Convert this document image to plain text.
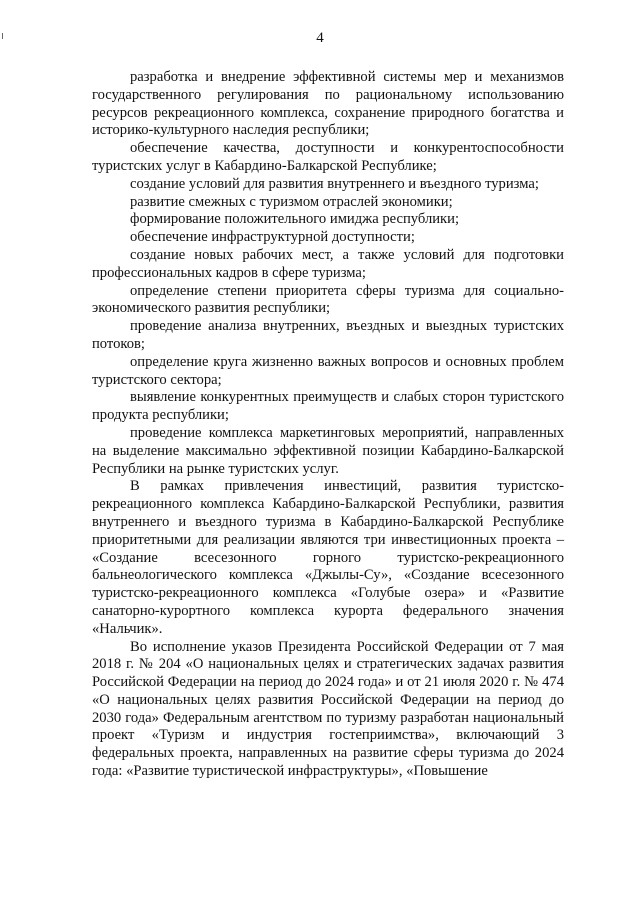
4

разработка и внедрение эффективной системы мер и механизмов государственного регулирования по рациональному использованию ресурсов рекреационного комплекса, сохранение природного богатства и историко-культурного наследия республики;

обеспечение качества, доступности и конкурентоспособности туристских услуг в Кабардино-Балкарской Республике;

создание условий для развития внутреннего и въездного туризма;

развитие смежных с туризмом отраслей экономики;

формирование положительного имиджа республики;

обеспечение инфраструктурной доступности;

создание новых рабочих мест, а также условий для подготовки профессиональных кадров в сфере туризма;

определение степени приоритета сферы туризма для социально-экономического развития республики;

проведение анализа внутренних, въездных и выездных туристских потоков;

определение круга жизненно важных вопросов и основных проблем туристского сектора;

выявление конкурентных преимуществ и слабых сторон туристского продукта республики;

проведение комплекса маркетинговых мероприятий, направленных на выделение максимально эффективной позиции Кабардино-Балкарской Республики на рынке туристских услуг.

В рамках привлечения инвестиций, развития туристско-рекреационного комплекса Кабардино-Балкарской Республики, развития внутреннего и въездного туризма в Кабардино-Балкарской Республике приоритетными для реализации являются три инвестиционных проекта – «Создание всесезонного горного туристско-рекреационного бальнеологического комплекса «Джылы-Су», «Создание всесезонного туристско-рекреационного комплекса «Голубые озера» и «Развитие санаторно-курортного комплекса курорта федерального значения «Нальчик».

Во исполнение указов Президента Российской Федерации от 7 мая 2018 г. № 204 «О национальных целях и стратегических задачах развития Российской Федерации на период до 2024 года» и от 21 июля 2020 г. № 474 «О национальных целях развития Российской Федерации на период до 2030 года» Федеральным агентством по туризму разработан национальный проект «Туризм и индустрия гостеприимства», включающий 3 федеральных проекта, направленных на развитие сферы туризма до 2024 года: «Развитие туристической инфраструктуры», «Повышение
